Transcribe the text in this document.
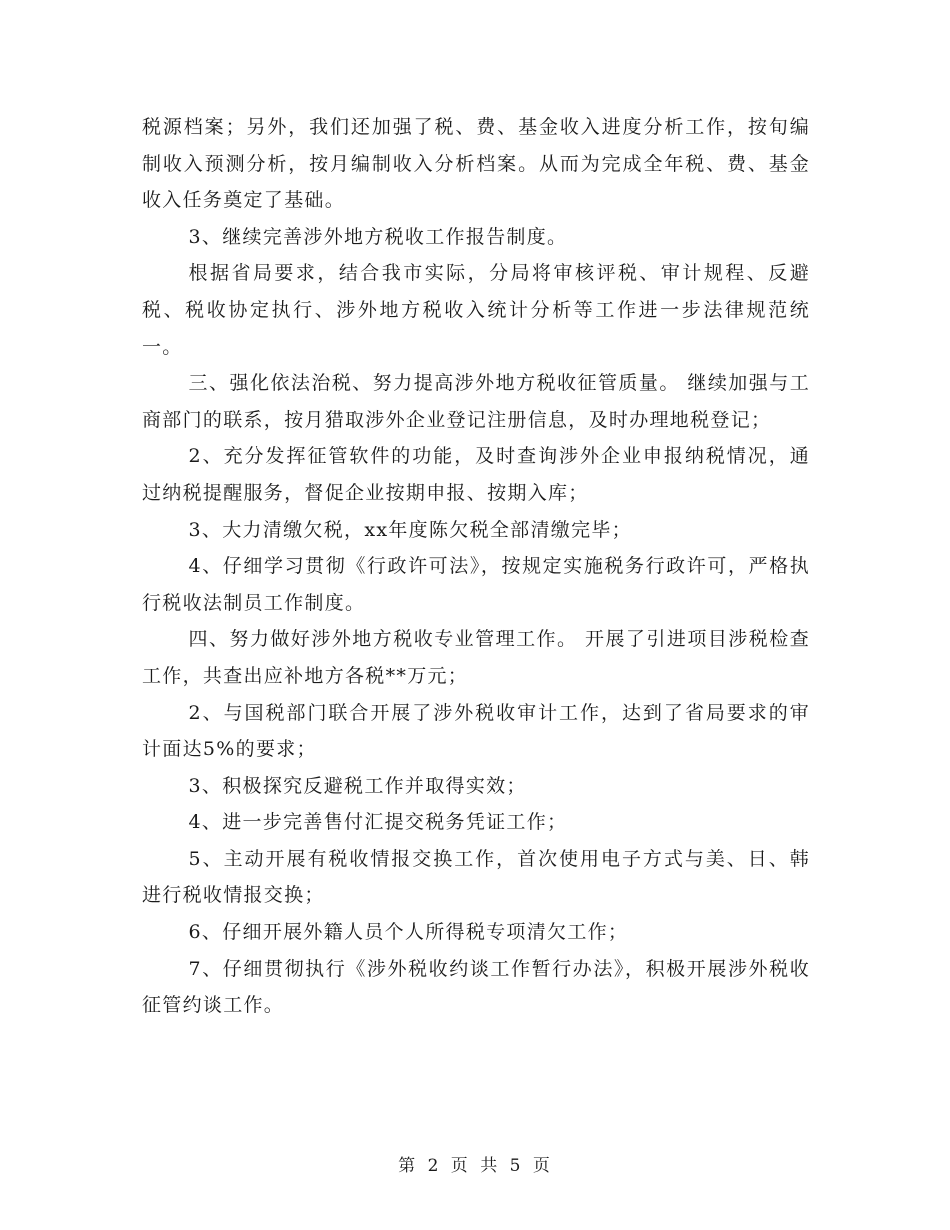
税源档案；另外，我们还加强了税、费、基金收入进度分析工作，按旬编制收入预测分析，按月编制收入分析档案。从而为完成全年税、费、基金收入任务奠定了基础。

3、继续完善涉外地方税收工作报告制度。

根据省局要求，结合我市实际，分局将审核评税、审计规程、反避税、税收协定执行、涉外地方税收入统计分析等工作进一步法律规范统一。

三、强化依法治税、努力提高涉外地方税收征管质量。 继续加强与工商部门的联系，按月猎取涉外企业登记注册信息，及时办理地税登记；

2、充分发挥征管软件的功能，及时查询涉外企业申报纳税情况，通过纳税提醒服务，督促企业按期申报、按期入库；

3、大力清缴欠税，xx年度陈欠税全部清缴完毕；

4、仔细学习贯彻《行政许可法》，按规定实施税务行政许可，严格执行税收法制员工作制度。

四、努力做好涉外地方税收专业管理工作。 开展了引进项目涉税检查工作，共查出应补地方各税**万元；

2、与国税部门联合开展了涉外税收审计工作，达到了省局要求的审计面达5%的要求；

3、积极探究反避税工作并取得实效；

4、进一步完善售付汇提交税务凭证工作；

5、主动开展有税收情报交换工作，首次使用电子方式与美、日、韩进行税收情报交换；

6、仔细开展外籍人员个人所得税专项清欠工作；

7、仔细贯彻执行《涉外税收约谈工作暂行办法》，积极开展涉外税收征管约谈工作。

第 2 页 共 5 页
